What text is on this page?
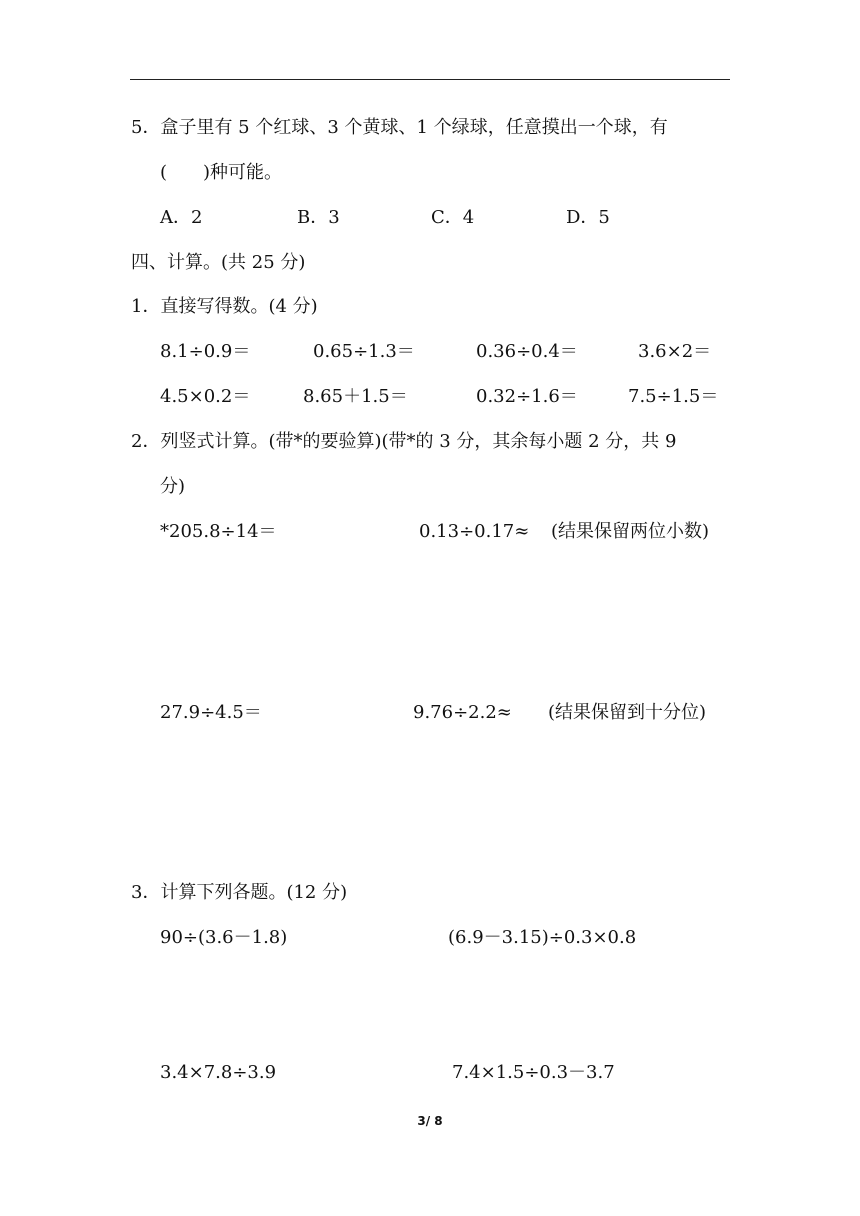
5．盒子里有 5 个红球、3 个黄球、1 个绿球，任意摸出一个球，有
(　　)种可能。
A．2	B．3	C．4	D．5
四、计算。(共 25 分)
1．直接写得数。(4 分)
8.1÷0.9＝	0.65÷1.3＝	0.36÷0.4＝	3.6×2＝
4.5×0.2＝	8.65＋1.5＝	0.32÷1.6＝	7.5÷1.5＝
2．列竖式计算。(带*的要验算)(带*的 3 分，其余每小题 2 分，共 9
分)
*205.8÷14＝	0.13÷0.17≈ (结果保留两位小数)
27.9÷4.5＝	9.76÷2.2≈ (结果保留到十分位)
3．计算下列各题。(12 分)
90÷(3.6－1.8)	(6.9－3.15)÷0.3×0.8
3.4×7.8÷3.9	7.4×1.5÷0.3－3.7
3/ 8
